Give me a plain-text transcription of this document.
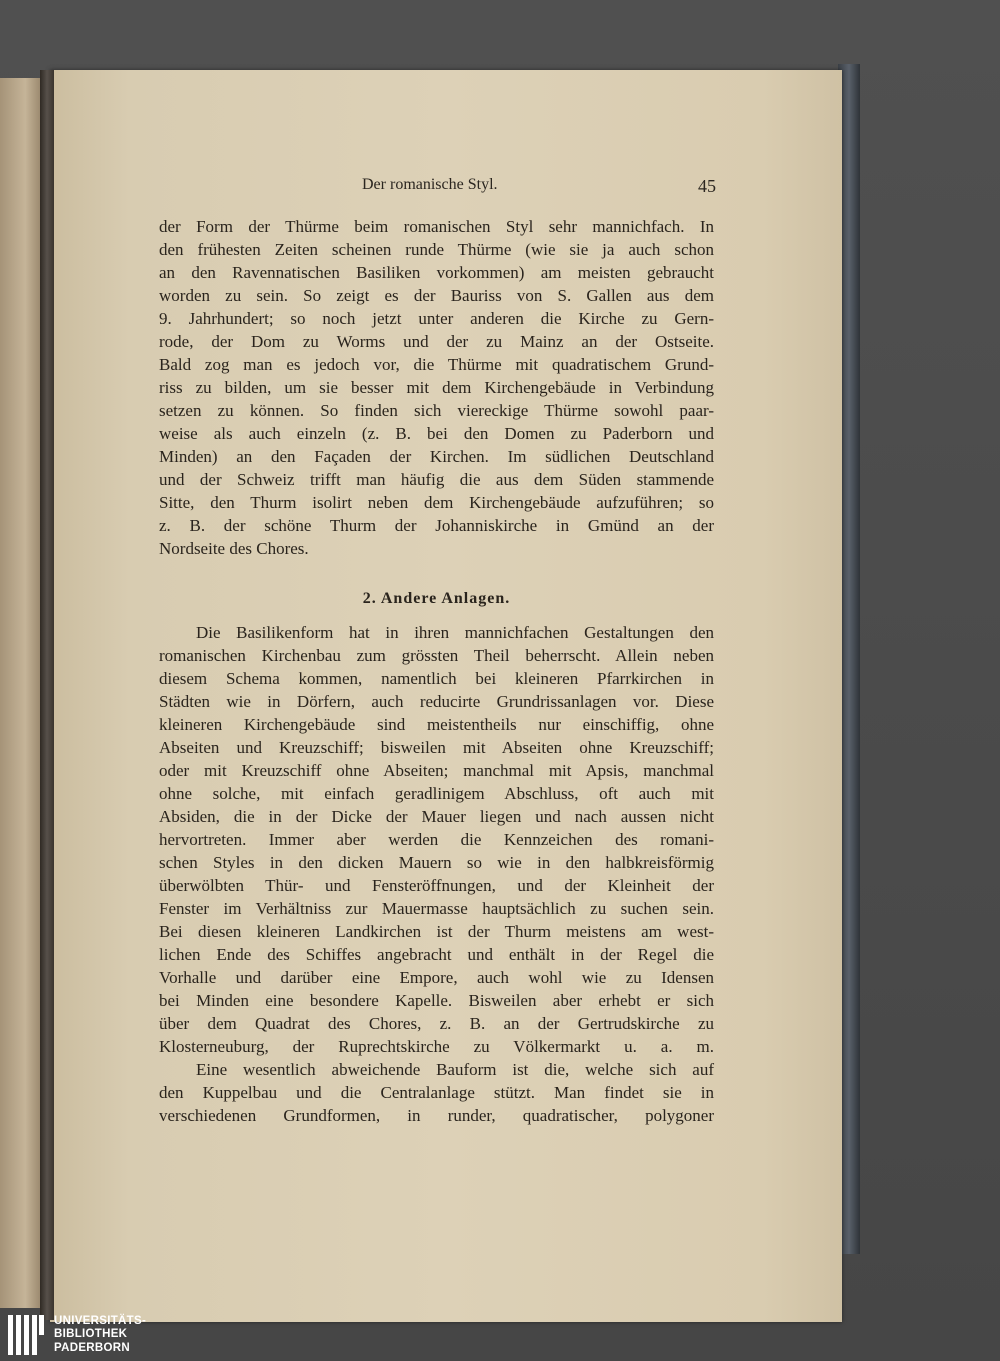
Der romanische Styl.	45
der Form der Thürme beim romanischen Styl sehr mannichfach. In
den frühesten Zeiten scheinen runde Thürme (wie sie ja auch schon
an den Ravennatischen Basiliken vorkommen) am meisten gebraucht
worden zu sein. So zeigt es der Bauriss von S. Gallen aus dem
9. Jahrhundert; so noch jetzt unter anderen die Kirche zu Gern-
rode, der Dom zu Worms und der zu Mainz an der Ostseite.
Bald zog man es jedoch vor, die Thürme mit quadratischem Grund-
riss zu bilden, um sie besser mit dem Kirchengebäude in Verbindung
setzen zu können. So finden sich viereckige Thürme sowohl paar-
weise als auch einzeln (z. B. bei den Domen zu Paderborn und
Minden) an den Façaden der Kirchen. Im südlichen Deutschland
und der Schweiz trifft man häufig die aus dem Süden stammende
Sitte, den Thurm isolirt neben dem Kirchengebäude aufzuführen; so
z. B. der schöne Thurm der Johanniskirche in Gmünd an der
Nordseite des Chores.
2. Andere Anlagen.
Die Basilikenform hat in ihren mannichfachen Gestaltungen den
romanischen Kirchenbau zum grössten Theil beherrscht. Allein neben
diesem Schema kommen, namentlich bei kleineren Pfarrkirchen in
Städten wie in Dörfern, auch reducirte Grundrissanlagen vor. Diese
kleineren Kirchengebäude sind meistentheils nur einschiffig, ohne
Abseiten und Kreuzschiff; bisweilen mit Abseiten ohne Kreuzschiff;
oder mit Kreuzschiff ohne Abseiten; manchmal mit Apsis, manchmal
ohne solche, mit einfach geradlinigem Abschluss, oft auch mit
Absiden, die in der Dicke der Mauer liegen und nach aussen nicht
hervortreten. Immer aber werden die Kennzeichen des romani-
schen Styles in den dicken Mauern so wie in den halbkreisförmig
überwölbten Thür- und Fensteröffnungen, und der Kleinheit der
Fenster im Verhältniss zur Mauermasse hauptsächlich zu suchen sein.
Bei diesen kleineren Landkirchen ist der Thurm meistens am west-
lichen Ende des Schiffes angebracht und enthält in der Regel die
Vorhalle und darüber eine Empore, auch wohl wie zu Idensen
bei Minden eine besondere Kapelle. Bisweilen aber erhebt er sich
über dem Quadrat des Chores, z. B. an der Gertrudskirche zu
Klosterneuburg, der Ruprechtskirche zu Völkermarkt u. a. m.
Eine wesentlich abweichende Bauform ist die, welche sich auf
den Kuppelbau und die Centralanlage stützt. Man findet sie in
verschiedenen Grundformen, in runder, quadratischer, polygoner
UNIVERSITÄTS-
BIBLIOTHEK
PADERBORN
